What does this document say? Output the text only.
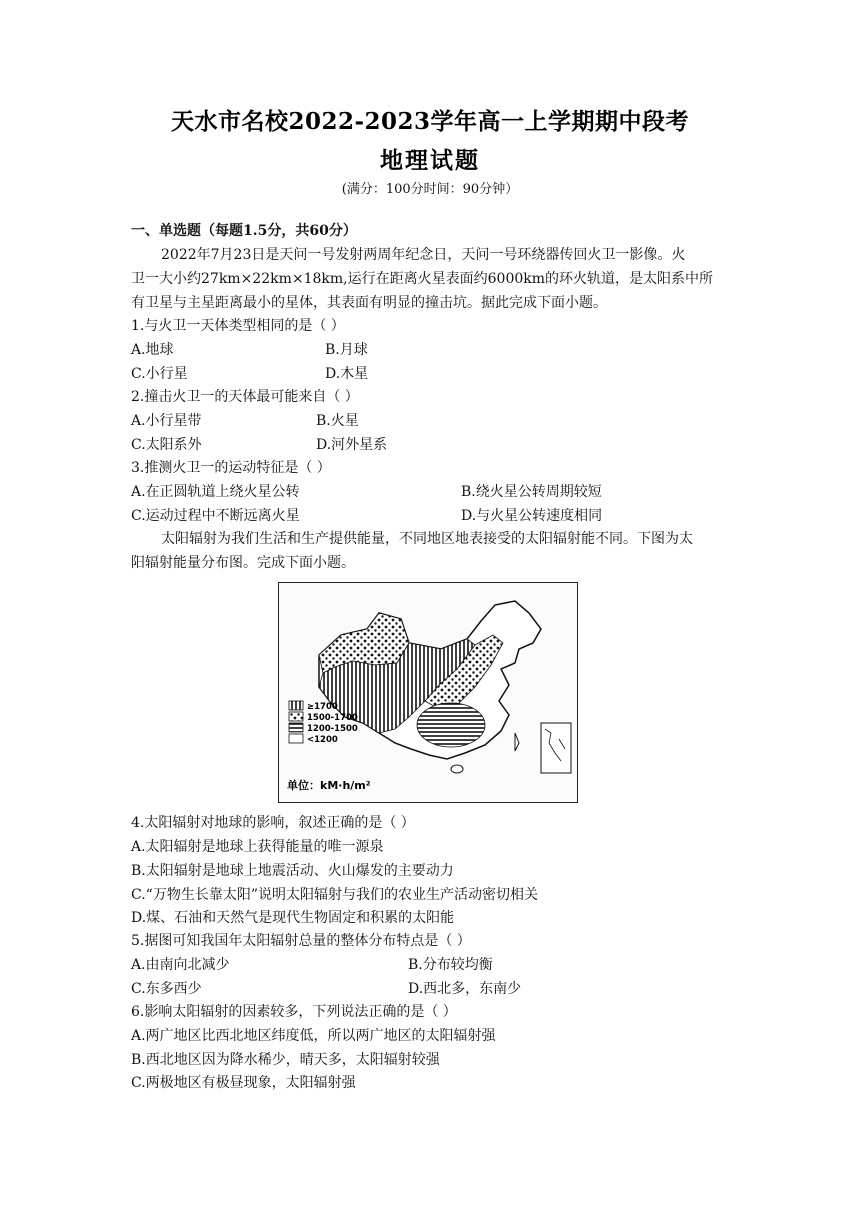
天水市名校2022-2023学年高一上学期期中段考
地理试题
(满分：100分时间：90分钟）
一、单选题（每题1.5分，共60分）
2022年7月23日是天问一号发射两周年纪念日，天问一号环绕器传回火卫一影像。火
卫一大小约27km×22km×18km,运行在距离火星表面约6000km的环火轨道，是太阳系中所
有卫星与主星距离最小的星体，其表面有明显的撞击坑。据此完成下面小题。
1.与火卫一天体类型相同的是（ ）
A.地球	B.月球
C.小行星	D.木星
2.撞击火卫一的天体最可能来自（ ）
A.小行星带	B.火星
C.太阳系外	D.河外星系
3.推测火卫一的运动特征是（ ）
A.在正圆轨道上绕火星公转	B.绕火星公转周期较短
C.运动过程中不断远离火星	D.与火星公转速度相同
太阳辐射为我们生活和生产提供能量，不同地区地表接受的太阳辐射能不同。下图为太
阳辐射能量分布图。完成下面小题。
≥1700
1500-1700
1200-1500
<1200
单位：kM·h/m²
4.太阳辐射对地球的影响，叙述正确的是（ ）
A.太阳辐射是地球上获得能量的唯一源泉
B.太阳辐射是地球上地震活动、火山爆发的主要动力
C.“万物生长靠太阳”说明太阳辐射与我们的农业生产活动密切相关
D.煤、石油和天然气是现代生物固定和积累的太阳能
5.据图可知我国年太阳辐射总量的整体分布特点是（ ）
A.由南向北减少	B.分布较均衡
C.东多西少	D.西北多，东南少
6.影响太阳辐射的因素较多，下列说法正确的是（ ）
A.两广地区比西北地区纬度低，所以两广地区的太阳辐射强
B.西北地区因为降水稀少，晴天多，太阳辐射较强
C.两极地区有极昼现象，太阳辐射强
